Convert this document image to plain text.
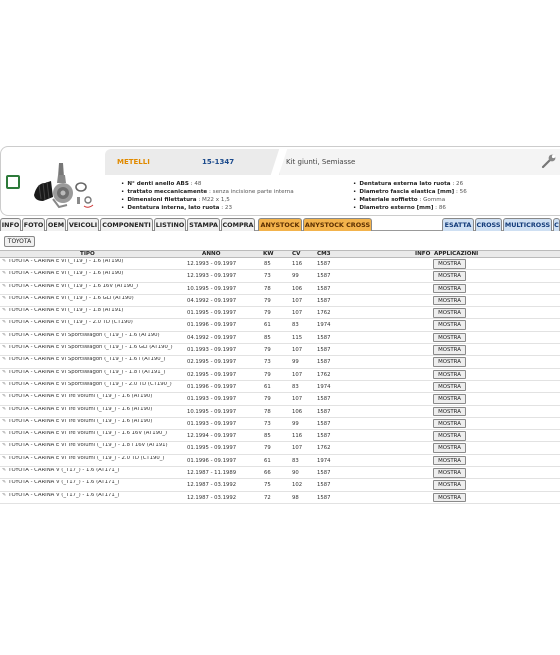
METELLI	15-1347	Kit giunti, Semiasse
• N° denti anello ABS : 48
• trattato meccanicamente : senza incisione parte interna
• Dimensioni filettatura : M22 x 1,5
• Dentatura interna, lato ruota : 23
• Dentatura esterna lato ruota : 26
• Diametro fascia elastica [mm] : 56
• Materiale soffietto : Gomma
• Diametro esterno [mm] : 86
INFO FOTO OEM VEICOLI COMPONENTI LISTINO STAMPA COMPRA	ANYSTOCK ANYSTOCK CROSS	ESATTA CROSS MULTICROSS C
TOYOTA
TIPO	ANNO	KW	CV	CM3	INFO APPLICAZIONI
✎ TOYOTA - CARINA E VI (_T19_) - 1.6 (AT190)	12.1993 - 09.1997	85	116	1587	MOSTRA
✎ TOYOTA - CARINA E VI (_T19_) - 1.6 (AT190)	12.1993 - 09.1997	73	99	1587	MOSTRA
✎ TOYOTA - CARINA E VI (_T19_) - 1.6 16V (AT190_)	10.1995 - 09.1997	78	106	1587	MOSTRA
✎ TOYOTA - CARINA E VI (_T19_) - 1.6 GLI (AT190)	04.1992 - 09.1997	79	107	1587	MOSTRA
✎ TOYOTA - CARINA E VI (_T19_) - 1.8 (AT191)	01.1995 - 09.1997	79	107	1762	MOSTRA
✎ TOYOTA - CARINA E VI (_T19_) - 2.0 TD (CT190)	01.1996 - 09.1997	61	83	1974	MOSTRA
✎ TOYOTA - CARINA E VI Sportswagon (_T19_) - 1.6 (AT190)	04.1992 - 09.1997	85	115	1587	MOSTRA
✎ TOYOTA - CARINA E VI Sportswagon (_T19_) - 1.6 GLI (AT190_)	01.1993 - 09.1997	79	107	1587	MOSTRA
✎ TOYOTA - CARINA E VI Sportswagon (_T19_) - 1.6 i (AT190_)	02.1995 - 09.1997	73	99	1587	MOSTRA
✎ TOYOTA - CARINA E VI Sportswagon (_T19_) - 1.8 i (AT191_)	02.1995 - 09.1997	79	107	1762	MOSTRA
✎ TOYOTA - CARINA E VI Sportswagon (_T19_) - 2.0 TD (CT190_)	01.1996 - 09.1997	61	83	1974	MOSTRA
✎ TOYOTA - CARINA E VI Tre volumi (_T19_) - 1.6 (AT190)	01.1993 - 09.1997	79	107	1587	MOSTRA
✎ TOYOTA - CARINA E VI Tre volumi (_T19_) - 1.6 (AT190)	10.1995 - 09.1997	78	106	1587	MOSTRA
✎ TOYOTA - CARINA E VI Tre volumi (_T19_) - 1.6 (AT190)	01.1993 - 09.1997	73	99	1587	MOSTRA
✎ TOYOTA - CARINA E VI Tre volumi (_T19_) - 1.6 16V (AT190_)	12.1994 - 09.1997	85	116	1587	MOSTRA
✎ TOYOTA - CARINA E VI Tre volumi (_T19_) - 1.8 i 16V (AT191)	01.1995 - 09.1997	79	107	1762	MOSTRA
✎ TOYOTA - CARINA E VI Tre volumi (_T19_) - 2.0 TD (CT190_)	01.1996 - 09.1997	61	83	1974	MOSTRA
✎ TOYOTA - CARINA V (_T17_) - 1.6 (AT171_)	12.1987 - 11.1989	66	90	1587	MOSTRA
✎ TOYOTA - CARINA V (_T17_) - 1.6 (AT171_)	12.1987 - 03.1992	75	102	1587	MOSTRA
✎ TOYOTA - CARINA V (_T17_) - 1.6 (AT171_)	12.1987 - 03.1992	72	98	1587	MOSTRA
